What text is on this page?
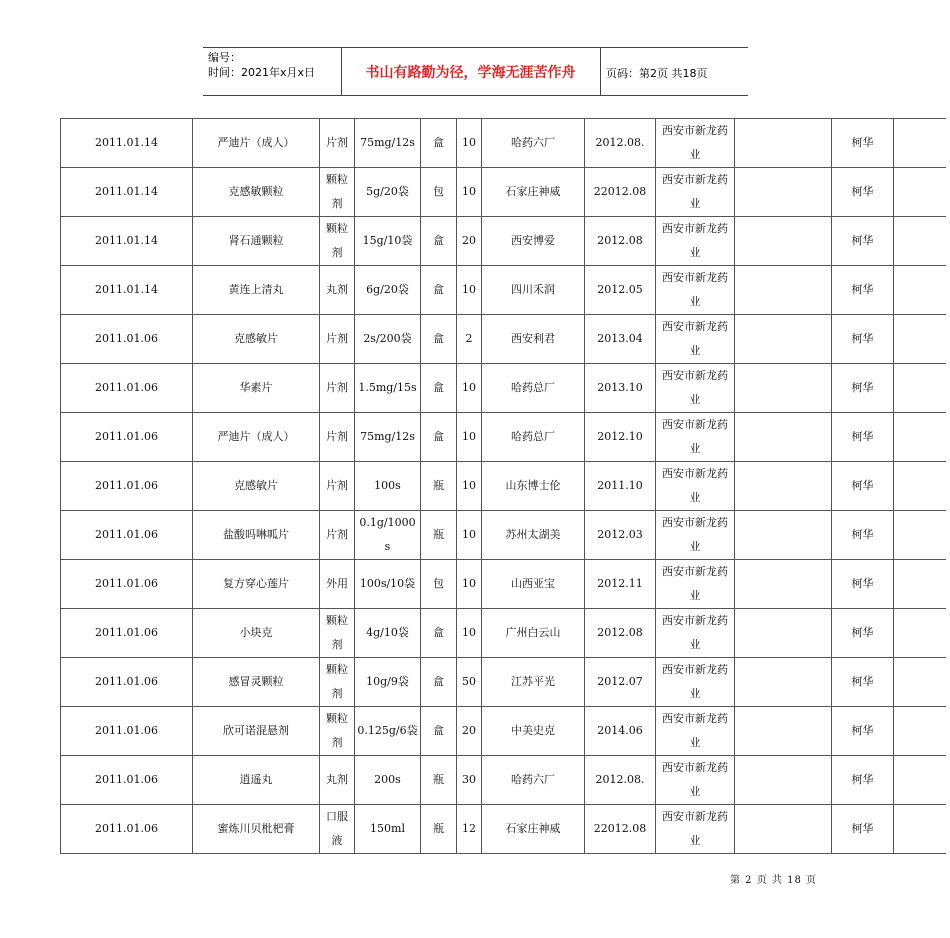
编号：
时间：2021年x月x日	书山有路勤为径，学海无涯苦作舟	页码：第2页 共18页
2011.01.14	严迪片（成人）	片剂	75mg/12s	盒	10	哈药六厂	2012.08.	西安市新龙药业		柯华	
2011.01.14	克感敏颗粒	颗粒剂	5g/20袋	包	10	石家庄神威	22012.08	西安市新龙药业		柯华	
2011.01.14	肾石通颗粒	颗粒剂	15g/10袋	盒	20	西安博爱	2012.08	西安市新龙药业		柯华	
2011.01.14	黄连上清丸	丸剂	6g/20袋	盒	10	四川禾润	2012.05	西安市新龙药业		柯华	
2011.01.06	克感敏片	片剂	2s/200袋	盒	2	西安利君	2013.04	西安市新龙药业		柯华	
2011.01.06	华素片	片剂	1.5mg/15s	盒	10	哈药总厂	2013.10	西安市新龙药业		柯华	
2011.01.06	严迪片（成人）	片剂	75mg/12s	盒	10	哈药总厂	2012.10	西安市新龙药业		柯华	
2011.01.06	克感敏片	片剂	100s	瓶	10	山东博士伦	2011.10	西安市新龙药业		柯华	
2011.01.06	盐酸吗啉呱片	片剂	0.1g/1000s	瓶	10	苏州太湖美	2012.03	西安市新龙药业		柯华	
2011.01.06	复方穿心莲片	外用	100s/10袋	包	10	山西亚宝	2012.11	西安市新龙药业		柯华	
2011.01.06	小块克	颗粒剂	4g/10袋	盒	10	广州白云山	2012.08	西安市新龙药业		柯华	
2011.01.06	感冒灵颗粒	颗粒剂	10g/9袋	盒	50	江苏平光	2012.07	西安市新龙药业		柯华	
2011.01.06	欣可诺混悬剂	颗粒剂	0.125g/6袋	盒	20	中美史克	2014.06	西安市新龙药业		柯华	
2011.01.06	逍遥丸	丸剂	200s	瓶	30	哈药六厂	2012.08.	西安市新龙药业		柯华	
2011.01.06	蜜炼川贝枇杷膏	口服液	150ml	瓶	12	石家庄神威	22012.08	西安市新龙药业		柯华	
第 2 页 共 18 页
